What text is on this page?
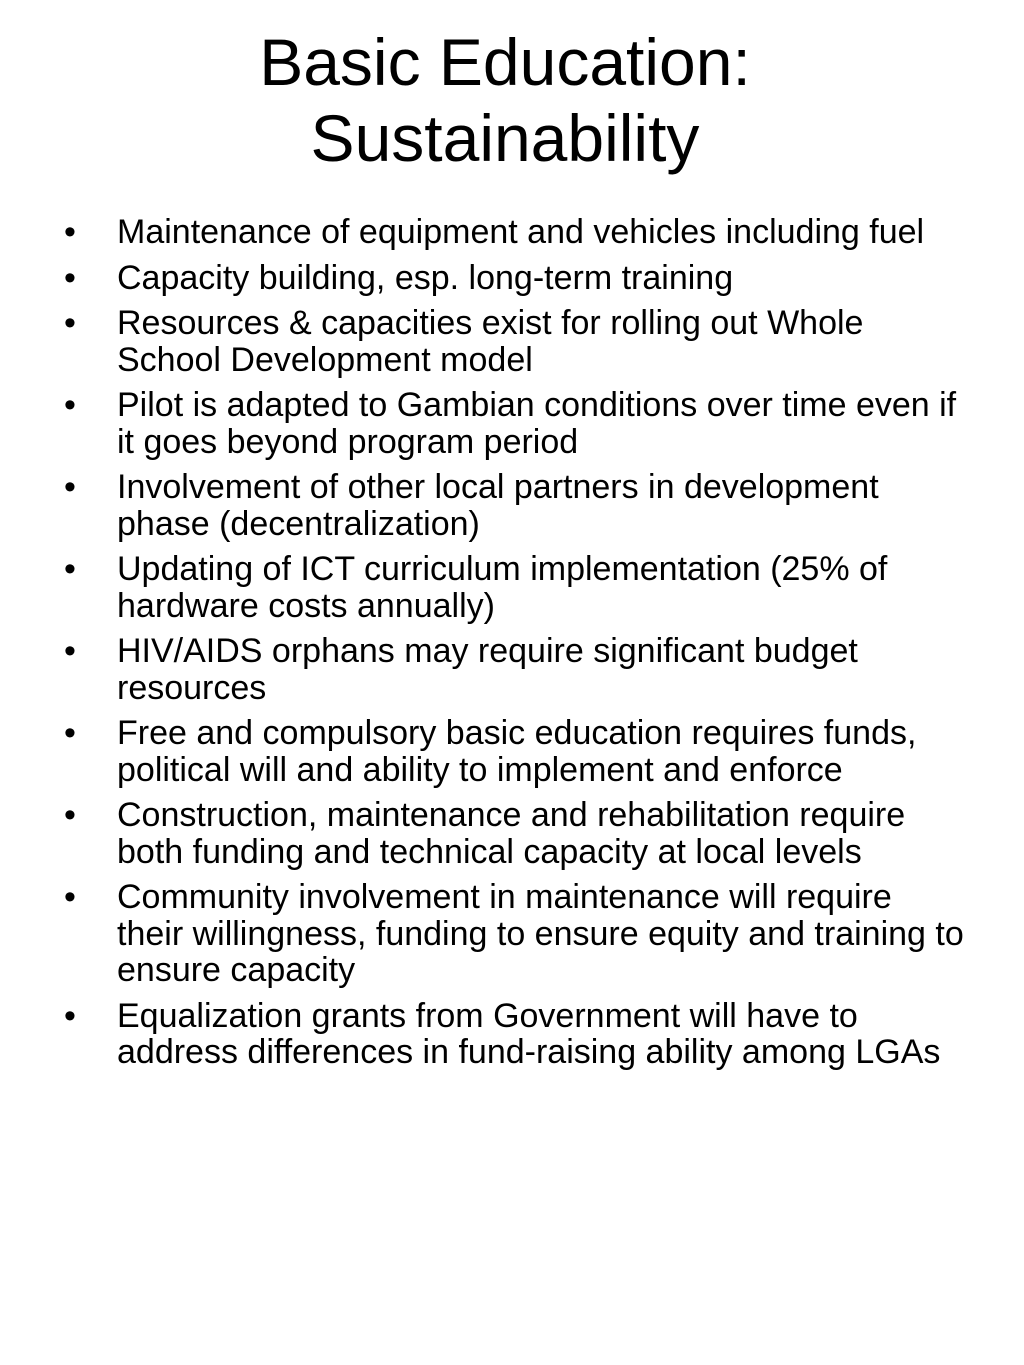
Basic Education:
Sustainability
• Maintenance of equipment and vehicles including fuel
• Capacity building, esp. long-term training
• Resources & capacities exist for rolling out Whole School Development model
• Pilot is adapted to Gambian conditions over time even if it goes beyond program period
• Involvement of other local partners in development phase (decentralization)
• Updating of ICT curriculum implementation (25% of hardware costs annually)
• HIV/AIDS orphans may require significant budget resources
• Free and compulsory basic education requires funds, political will and ability to implement and enforce
• Construction, maintenance and rehabilitation require both funding and technical capacity at local levels
• Community involvement in maintenance will require their willingness, funding to ensure equity and training to ensure capacity
• Equalization grants from Government will have to address differences in fund-raising ability among LGAs
